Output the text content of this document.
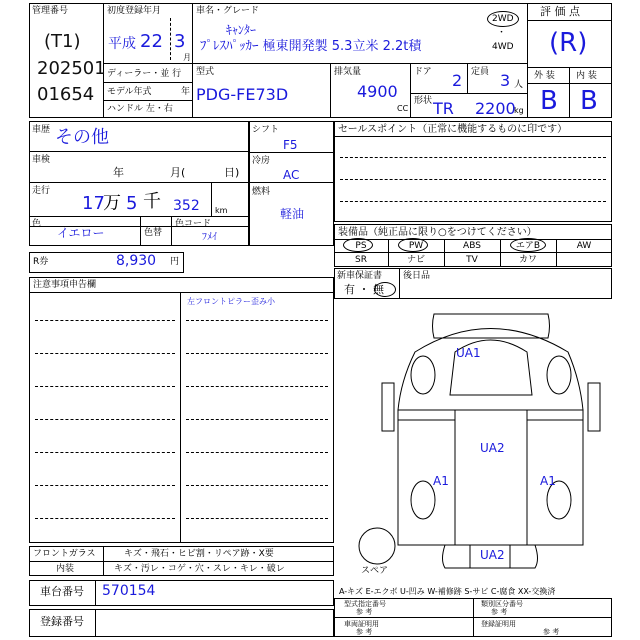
管理番号
(T1)
202501
01654
初度登録年月
平成 22 3
月
ディーラー・並 行
モデル年式	年
ハンドル 左・右
車名・グレード
ｷｬﾝﾀｰ
ﾌﾟﾚｽﾊﾟｯｶｰ 極東開発製 5.3立米 2.2t積
2WD
・
4WD
型式
PDG-FE73D
排気量
4900
CC
ドア 2 定員 3 人
形状 TR 2200
kg
評 価 点
(R)
外 装 内 装
B B
車歴 その他
車検
年	月(	日)
走行
17
万 5 千 352 km
色
イエロー	色替
色コード
ﾌﾒｲ
シフト
F5
冷房
AC
燃料
軽油
セールスポイント（正常に機能するものに印です）
装備品（純正品に限り○をつけてください）
PS	PW	ABS	エアB	AW
SR	ナビ	TV	カワ
新車保証書
有 ・ 無
後日品
R券	8,930 円
注意事項申告欄
左フロントピラー歪み小
フロントガラス	キズ・飛石・ヒビ割・リペア跡・X要
内装	キズ・汚レ・コゲ・穴・スレ・キレ・破レ
車台番号 570154
登録番号
UA1
UA2
A1	A1
UA2
スペア
A-キズ E-エクボ U-凹み W-補修跡 S-サビ C-腐食 XX-交換済
型式指定番号
参 考
類別区分番号
参 考
車両証明用
参 考
登録証明用
参 考
